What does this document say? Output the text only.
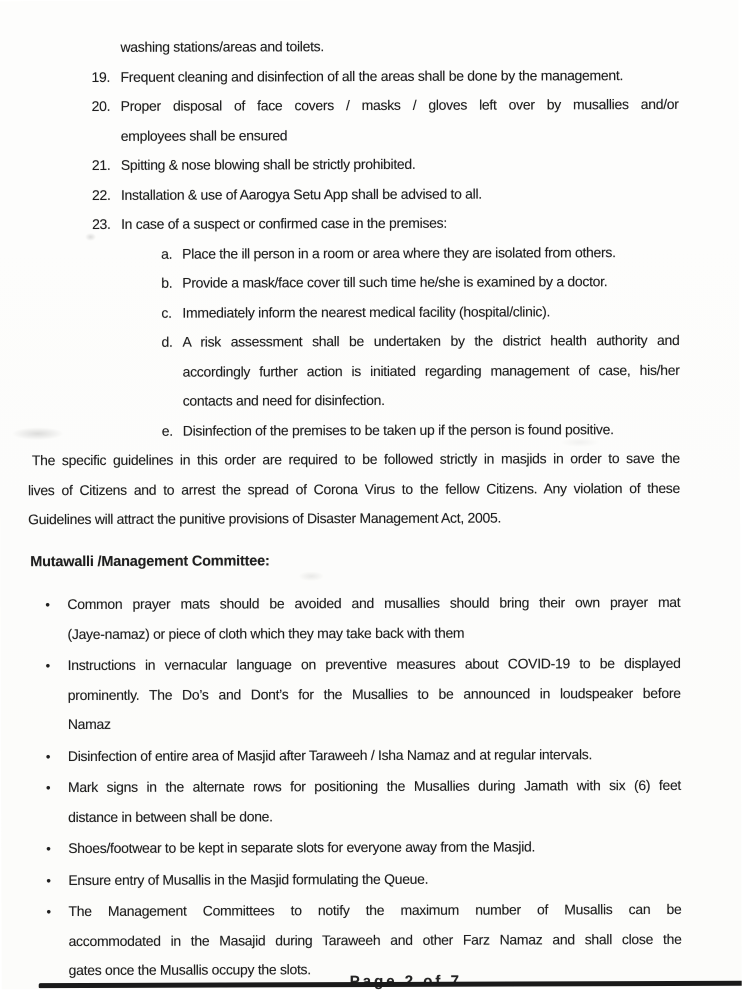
washing stations/areas and toilets.
19. Frequent cleaning and disinfection of all the areas shall be done by the management.
20. Proper disposal of face covers / masks / gloves left over by musallies and/or
employees shall be ensured
21. Spitting & nose blowing shall be strictly prohibited.
22. Installation & use of Aarogya Setu App shall be advised to all.
23. In case of a suspect or confirmed case in the premises:
a. Place the ill person in a room or area where they are isolated from others.
b. Provide a mask/face cover till such time he/she is examined by a doctor.
c. Immediately inform the nearest medical facility (hospital/clinic).
d. A risk assessment shall be undertaken by the district health authority and
accordingly further action is initiated regarding management of case, his/her
contacts and need for disinfection.
e. Disinfection of the premises to be taken up if the person is found positive.
The specific guidelines in this order are required to be followed strictly in masjids in order to save the
lives of Citizens and to arrest the spread of Corona Virus to the fellow Citizens. Any violation of these
Guidelines will attract the punitive provisions of Disaster Management Act, 2005.
Mutawalli /Management Committee:
•	Common prayer mats should be avoided and musallies should bring their own prayer mat
(Jaye-namaz) or piece of cloth which they may take back with them
•	Instructions in vernacular language on preventive measures about COVID-19 to be displayed
prominently. The Do’s and Dont’s for the Musallies to be announced in loudspeaker before
Namaz
•	Disinfection of entire area of Masjid after Taraweeh / Isha Namaz and at regular intervals.
•	Mark signs in the alternate rows for positioning the Musallies during Jamath with six (6) feet
distance in between shall be done.
•	Shoes/footwear to be kept in separate slots for everyone away from the Masjid.
•	Ensure entry of Musallis in the Masjid formulating the Queue.
•	The Management Committees to notify the maximum number of Musallis can be
accommodated in the Masajid during Taraweeh and other Farz Namaz and shall close the
gates once the Musallis occupy the slots.
